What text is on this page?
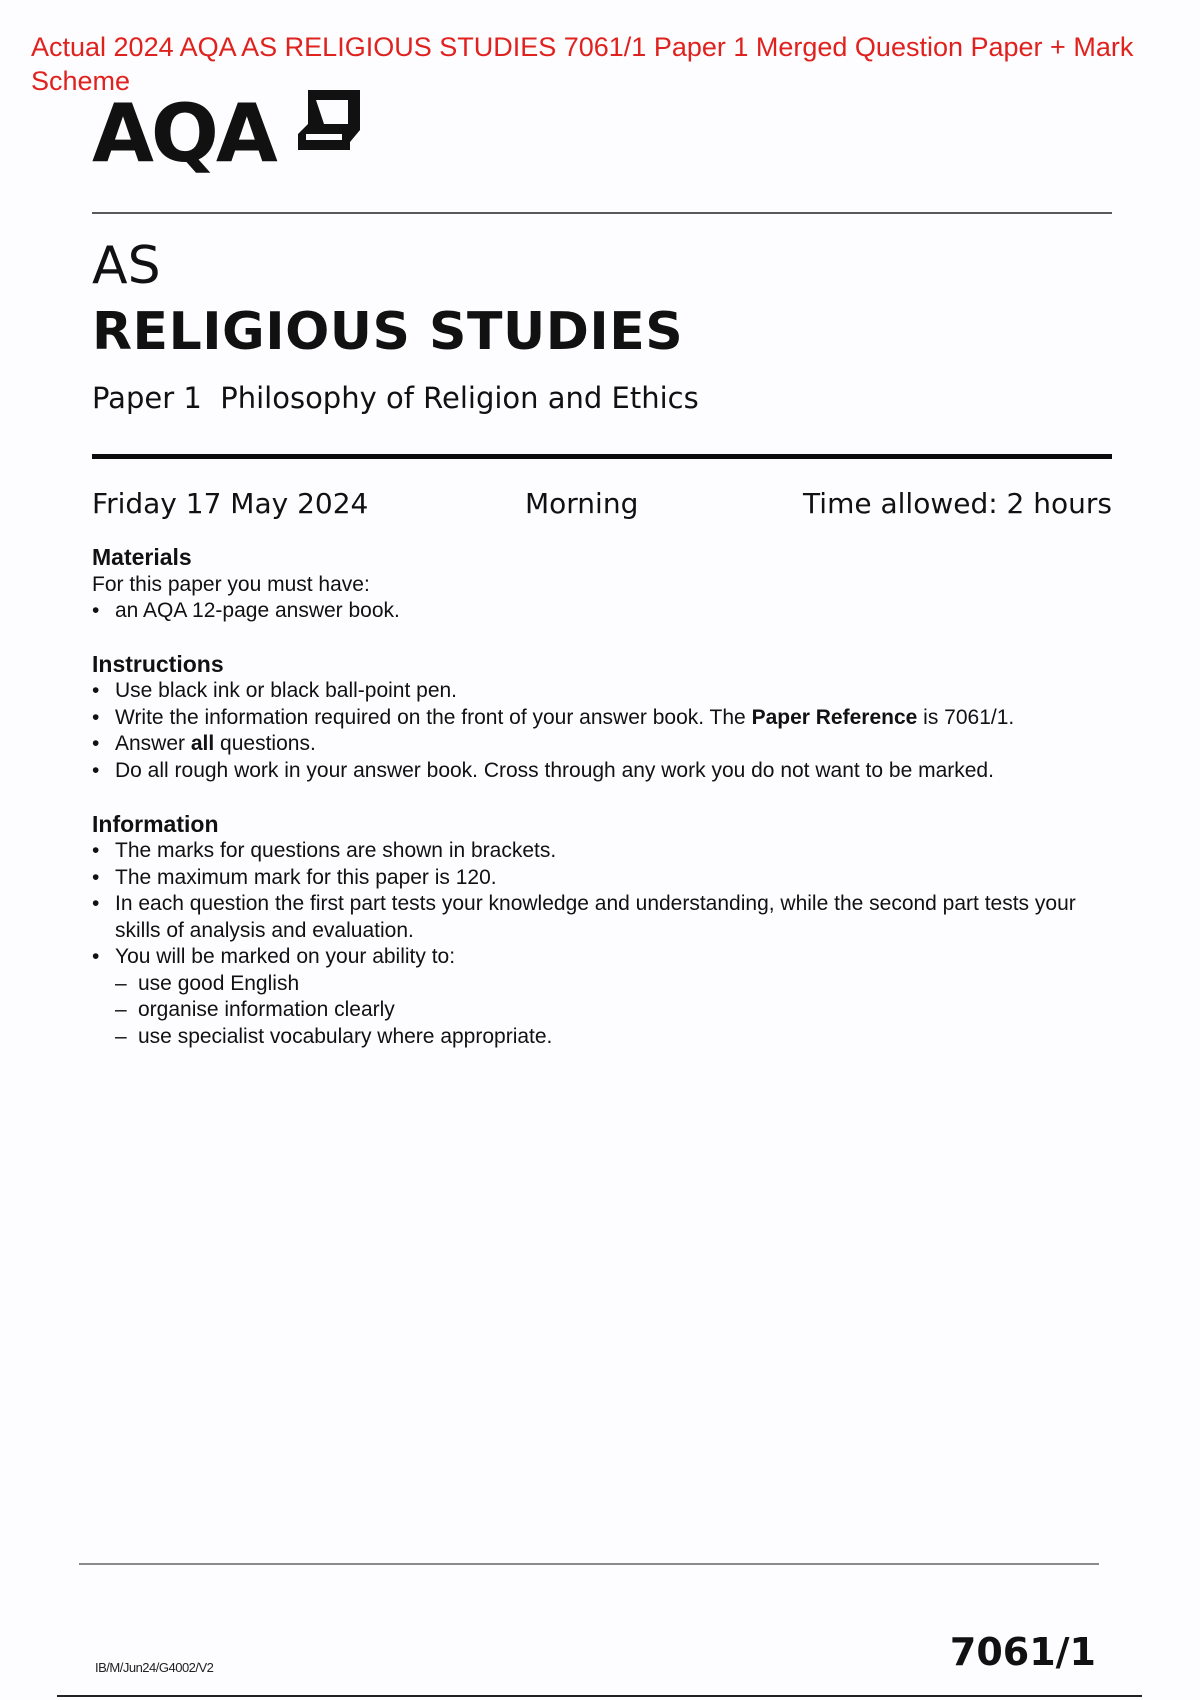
Actual 2024 AQA AS RELIGIOUS STUDIES 7061/1 Paper 1 Merged Question Paper + Mark Scheme
AQA
AS
RELIGIOUS STUDIES
Paper 1  Philosophy of Religion and Ethics
Friday 17 May 2024	Morning	Time allowed: 2 hours
Materials

For this paper you must have:

• an AQA 12-page answer book.
Instructions
• Use black ink or black ball-point pen.
• Write the information required on the front of your answer book. The Paper Reference is 7061/1.
• Answer all questions.
• Do all rough work in your answer book. Cross through any work you do not want to be marked.
Information
• The marks for questions are shown in brackets.
• The maximum mark for this paper is 120.
• In each question the first part tests your knowledge and understanding, while the second part tests your skills of analysis and evaluation.
• You will be marked on your ability to:
– use good English
– organise information clearly
– use specialist vocabulary where appropriate.
IB/M/Jun24/G4002/V2	7061/1
